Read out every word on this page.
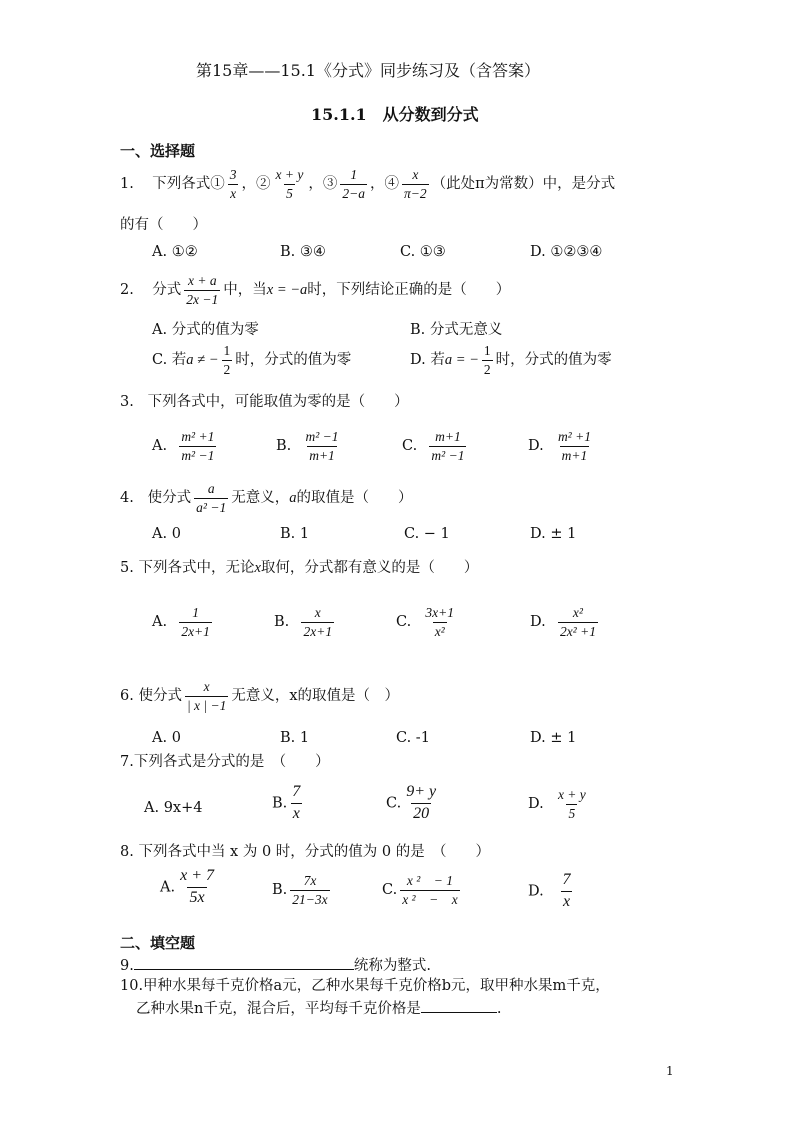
第15章——15.1《分式》同步练习及（含答案）
15.1.1　从分数到分式
一、选择题
1. 下列各式① $\frac{3}{x}$ ，② $\frac{x + y}{5}$ ，③ $\frac{1}{2-a}$ ，④ $\frac{x}{\pi-2}$ （此处π为常数）中，是分式
的有（　　）
A. ①②	B. ③④	C. ①③	D. ①②③④
2. 分式 $\frac{x + a}{2x -1}$ 中，当x = −a时，下列结论正确的是（　　）
A. 分式的值为零	B. 分式无意义
C. 若a ≠ − $\frac{1}{2}$ 时，分式的值为零	D. 若a = − $\frac{1}{2}$ 时，分式的值为零
3. 下列各式中，可能取值为零的是（　　）
A. $\frac{\text{m² +1}}{\text{m² −1}}$	B. $\frac{\text{m² −1}}{m+1}$	C. $\frac{m+1}{\text{m² −1}}$	D. $\frac{\text{m² +1}}{m+1}$
4. 使分式 $\frac{a}{\text{a² −1}}$ 无意义，a的取值是（　　）
A. 0	B. 1	C. − 1	D. ± 1
5. 下列各式中，无论x取何，分式都有意义的是（　　）
A. $\frac{1}{2x+1}$	B. $\frac{x}{2x+1}$	C. $\frac{3x+1}{\text{x²}}$	D. $\frac{\text{x²}}{\text{2x² +1}}$
6. 使分式 $\frac{x}{| x | -1}$ 无意义，x的取值是（　）
A. 0	B. 1	C. -1	D. ± 1
7.下列各式是分式的是　（　　）
A. 9x+4	B. $\frac{7}{x}$	C. $\frac{9+ y}{20}$	D. $\frac{x + y}{5}$
8. 下列各式中当 x 为 0 时，分式的值为 0 的是　（　　）
A. $\frac{x + 7}{5x}$	B. $\frac{7x}{21-3x}$	C. $\frac{\text{x ²　− 1}}{\text{x ²　−　x}}$	D. $\frac{7}{x}$
二、填空题
9.	统称为整式.
10.甲种水果每千克价格a元，乙种水果每千克价格b元，取甲种水果m千克，
乙种水果n千克，混合后，平均每千克价格是	.
1
